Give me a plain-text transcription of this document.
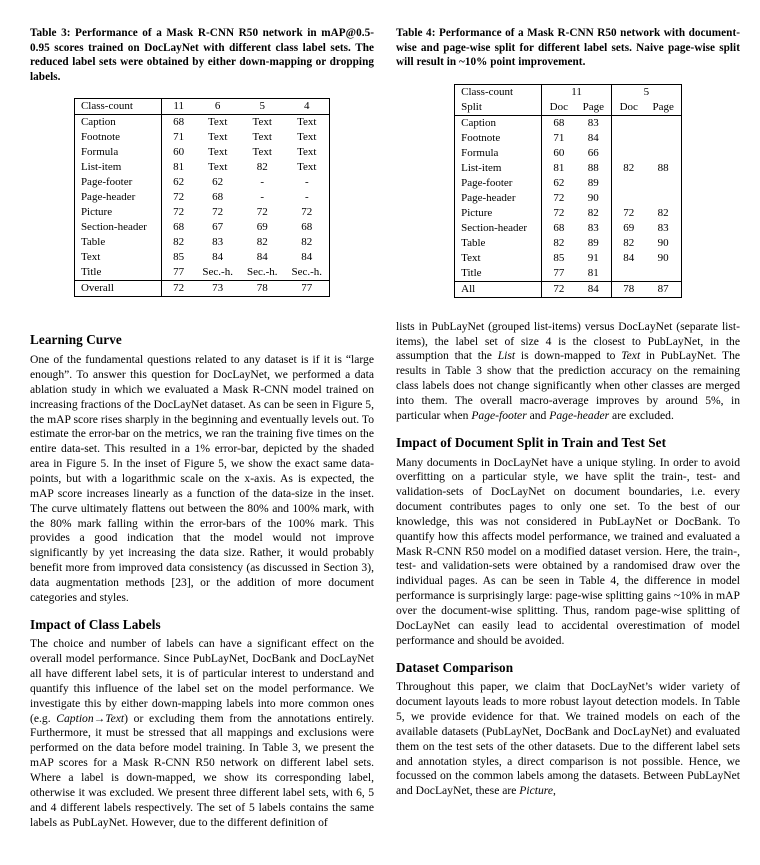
Table 3: Performance of a Mask R-CNN R50 network in mAP@0.5-0.95 scores trained on DocLayNet with different class label sets. The reduced label sets were obtained by either down-mapping or dropping labels.
Class-count	11	6	5	4
Caption	68	Text	Text	Text
Footnote	71	Text	Text	Text
Formula	60	Text	Text	Text
List-item	81	Text	82	Text
Page-footer	62	62	-	-
Page-header	72	68	-	-
Picture	72	72	72	72
Section-header	68	67	69	68
Table	82	83	82	82
Text	85	84	84	84
Title	77	Sec.-h.	Sec.-h.	Sec.-h.
Overall	72	73	78	77
Learning Curve

One of the fundamental questions related to any dataset is if it is “large enough”. To answer this question for DocLayNet, we performed a data ablation study in which we evaluated a Mask R-CNN model trained on increasing fractions of the DocLayNet dataset. As can be seen in Figure 5, the mAP score rises sharply in the beginning and eventually levels out. To estimate the error-bar on the metrics, we ran the training five times on the entire data-set. This resulted in a 1% error-bar, depicted by the shaded area in Figure 5. In the inset of Figure 5, we show the exact same data-points, but with a logarithmic scale on the x-axis. As is expected, the mAP score increases linearly as a function of the data-size in the inset. The curve ultimately flattens out between the 80% and 100% mark, with the 80% mark falling within the error-bars of the 100% mark. This provides a good indication that the model would not improve significantly by yet increasing the data size. Rather, it would probably benefit more from improved data consistency (as discussed in Section 3), data augmentation methods [23], or the addition of more document categories and styles.

Impact of Class Labels

The choice and number of labels can have a significant effect on the overall model performance. Since PubLayNet, DocBank and DocLayNet all have different label sets, it is of particular interest to understand and quantify this influence of the label set on the model performance. We investigate this by either down-mapping labels into more common ones (e.g. Caption→Text) or excluding them from the annotations entirely. Furthermore, it must be stressed that all mappings and exclusions were performed on the data before model training. In Table 3, we present the mAP scores for a Mask R-CNN R50 network on different label sets. Where a label is down-mapped, we show its corresponding label, otherwise it was excluded. We present three different label sets, with 6, 5 and 4 different labels respectively. The set of 5 labels contains the same labels as PubLayNet. However, due to the different definition of

Table 4: Performance of a Mask R-CNN R50 network with document-wise and page-wise split for different label sets. Naive page-wise split will result in ~10% point improvement.
Class-count	11		5	
Split	Doc	Page	Doc	Page
Caption	68	83		
Footnote	71	84		
Formula	60	66		
List-item	81	88	82	88
Page-footer	62	89		
Page-header	72	90		
Picture	72	82	72	82
Section-header	68	83	69	83
Table	82	89	82	90
Text	85	91	84	90
Title	77	81		
All	72	84	78	87

lists in PubLayNet (grouped list-items) versus DocLayNet (separate list-items), the label set of size 4 is the closest to PubLayNet, in the assumption that the List is down-mapped to Text in PubLayNet. The results in Table 3 show that the prediction accuracy on the remaining class labels does not change significantly when other classes are merged into them. The overall macro-average improves by around 5%, in particular when Page-footer and Page-header are excluded.

Impact of Document Split in Train and Test Set

Many documents in DocLayNet have a unique styling. In order to avoid overfitting on a particular style, we have split the train-, test- and validation-sets of DocLayNet on document boundaries, i.e. every document contributes pages to only one set. To the best of our knowledge, this was not considered in PubLayNet or DocBank. To quantify how this affects model performance, we trained and evaluated a Mask R-CNN R50 model on a modified dataset version. Here, the train-, test- and validation-sets were obtained by a randomised draw over the individual pages. As can be seen in Table 4, the difference in model performance is surprisingly large: page-wise splitting gains ~10% in mAP over the document-wise splitting. Thus, random page-wise splitting of DocLayNet can easily lead to accidental overestimation of model performance and should be avoided.

Dataset Comparison

Throughout this paper, we claim that DocLayNet’s wider variety of document layouts leads to more robust layout detection models. In Table 5, we provide evidence for that. We trained models on each of the available datasets (PubLayNet, DocBank and DocLayNet) and evaluated them on the test sets of the other datasets. Due to the different label sets and annotation styles, a direct comparison is not possible. Hence, we focussed on the common labels among the datasets. Between PubLayNet and DocLayNet, these are Picture,
